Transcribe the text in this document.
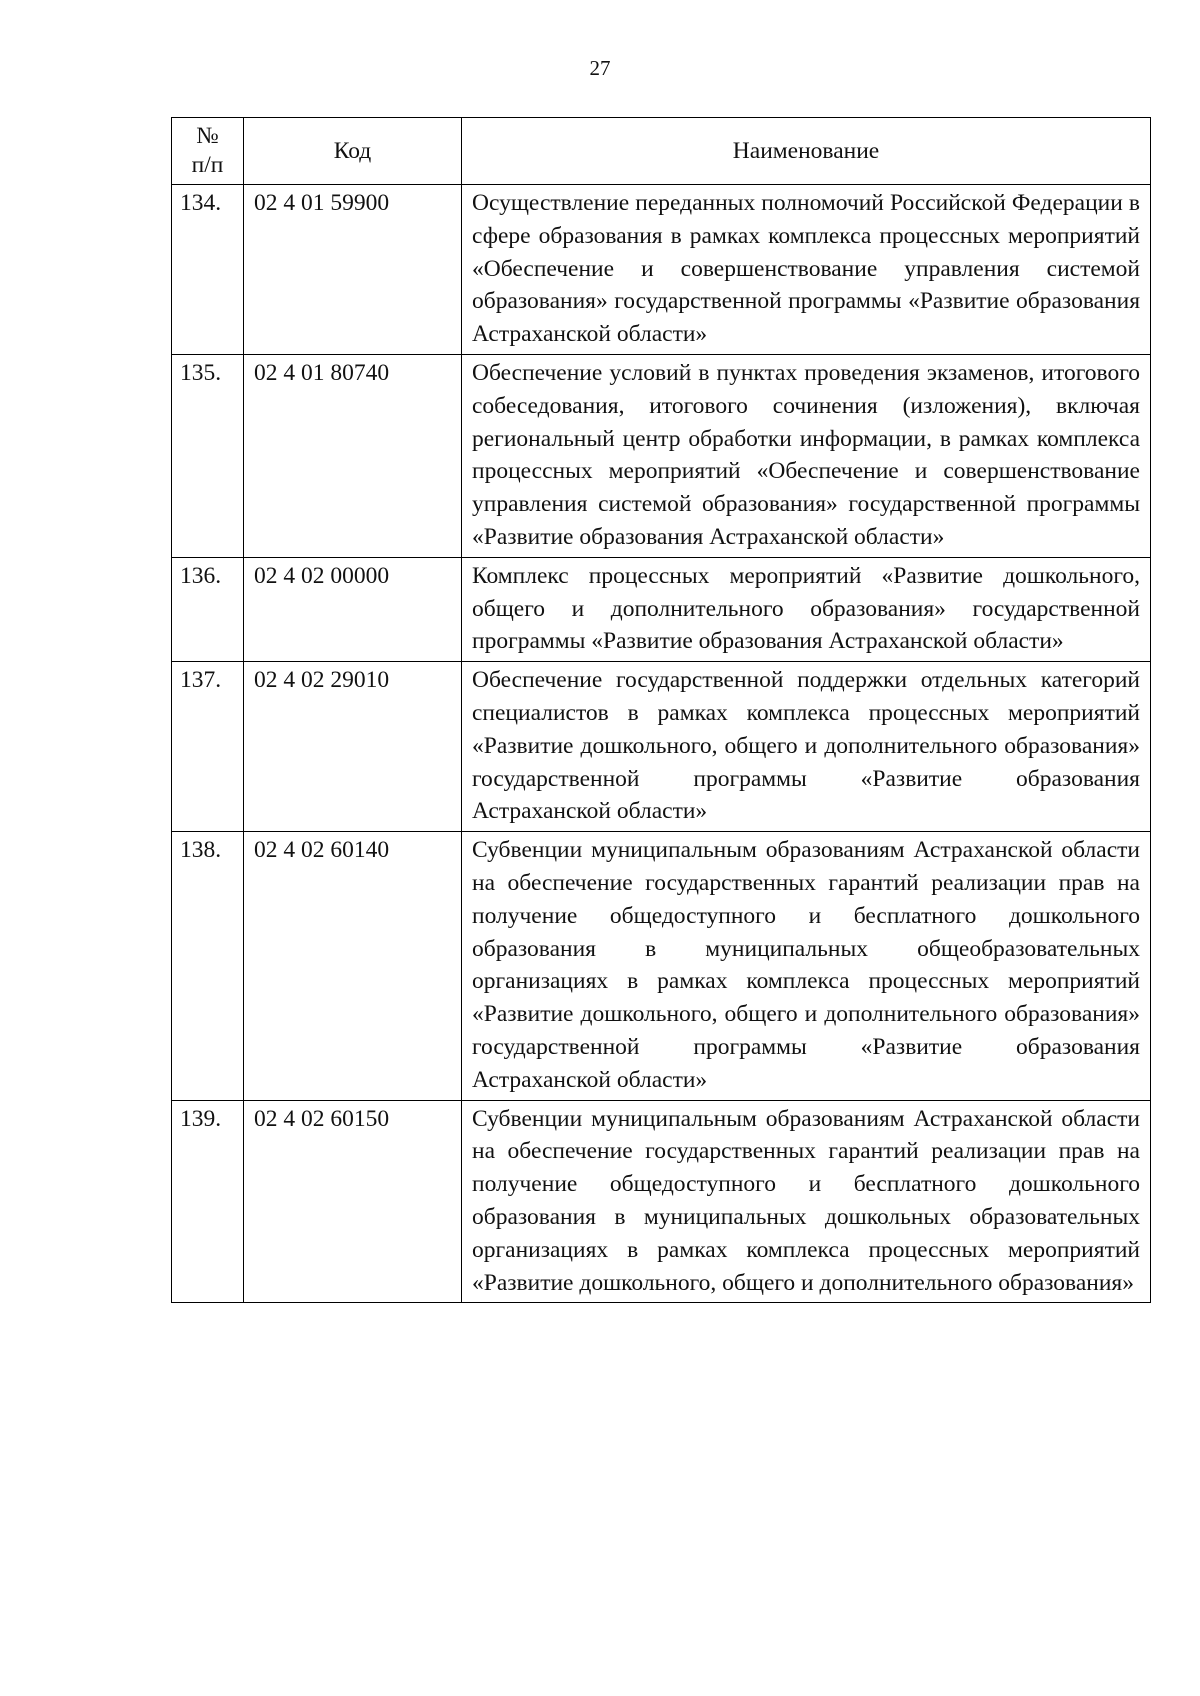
27
№
п/п	Код	Наименование
134.	02 4 01 59900	Осуществление переданных полномочий Российской Федерации в сфере образования в рамках комплекса процессных мероприятий «Обеспечение и совершенствование управления системой образования» государственной программы «Развитие образования Астраханской области»
135.	02 4 01 80740	Обеспечение условий в пунктах проведения экзаменов, итогового собеседования, итогового сочинения (изложения), включая региональный центр обработки информации, в рамках комплекса процессных мероприятий «Обеспечение и совершенствование управления системой образования» государственной программы «Развитие образования Астраханской области»
136.	02 4 02 00000	Комплекс процессных мероприятий «Развитие дошкольного, общего и дополнительного образования» государственной программы «Развитие образования Астраханской области»
137.	02 4 02 29010	Обеспечение государственной поддержки отдельных категорий специалистов в рамках комплекса процессных мероприятий «Развитие дошкольного, общего и дополнительного образования» государственной программы «Развитие образования Астраханской области»
138.	02 4 02 60140	Субвенции муниципальным образованиям Астраханской области на обеспечение государственных гарантий реализации прав на получение общедоступного и бесплатного дошкольного образования в муниципальных общеобразовательных организациях в рамках комплекса процессных мероприятий «Развитие дошкольного, общего и дополнительного образования» государственной программы «Развитие образования Астраханской области»
139.	02 4 02 60150	Субвенции муниципальным образованиям Астраханской области на обеспечение государственных гарантий реализации прав на получение общедоступного и бесплатного дошкольного образования в муниципальных дошкольных образовательных организациях в рамках комплекса процессных мероприятий «Развитие дошкольного, общего и дополнительного образования»
